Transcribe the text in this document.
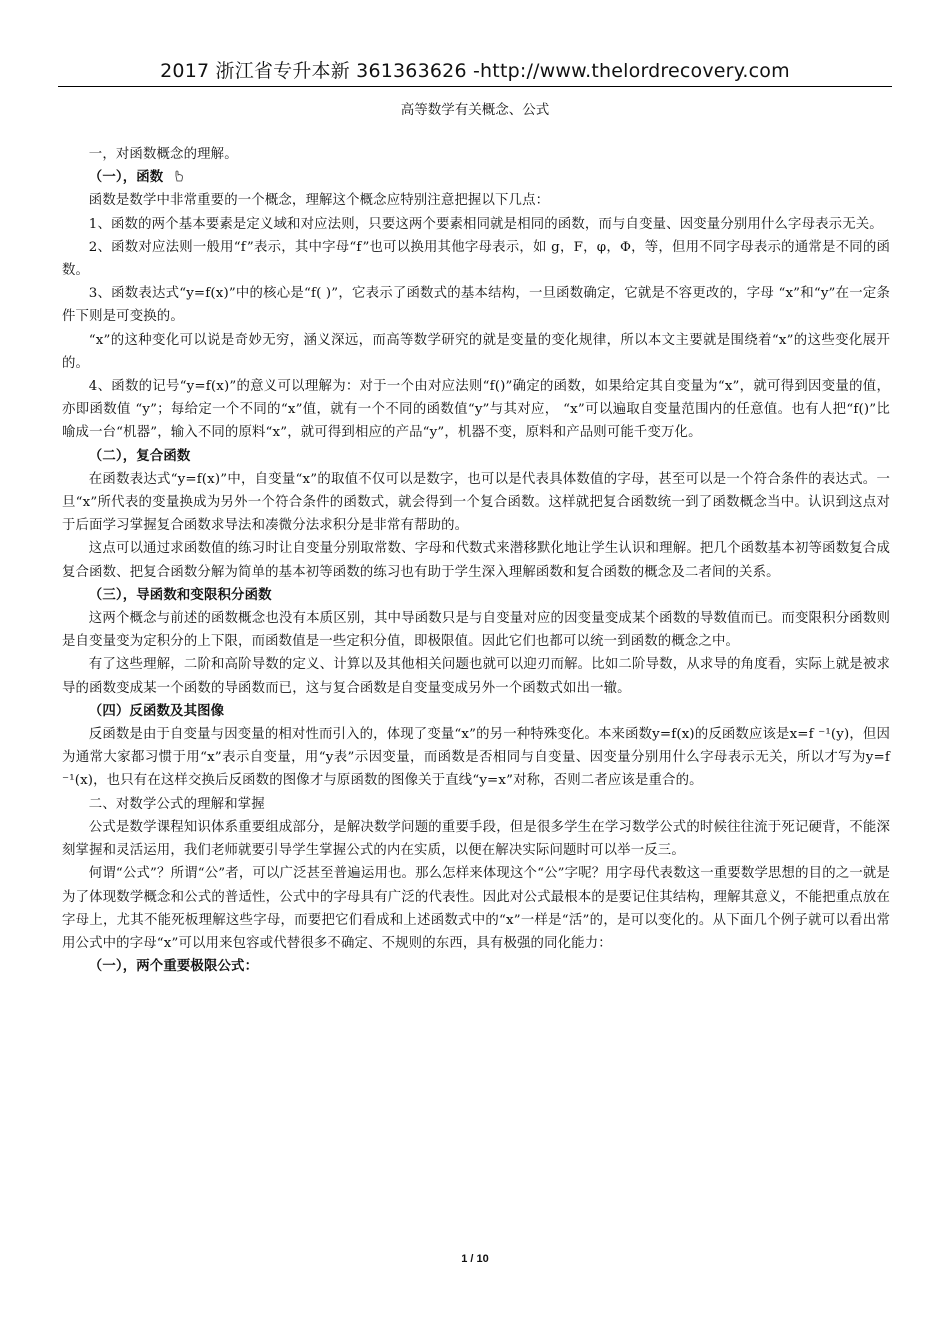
2017 浙江省专升本新 361363626 -http://www.thelordrecovery.com
高等数学有关概念、公式

一，对函数概念的理解。

（一），函数

函数是数学中非常重要的一个概念，理解这个概念应特别注意把握以下几点：

1、函数的两个基本要素是定义域和对应法则，只要这两个要素相同就是相同的函数，而与自变量、因变量分别用什么字母表示无关。

2、函数对应法则一般用“f”表示，其中字母“f”也可以换用其他字母表示，如 g，F，φ，Φ，等，但用不同字母表示的通常是不同的函数。

3、函数表达式“y=f(x)”中的核心是“f( )”，它表示了函数式的基本结构，一旦函数确定，它就是不容更改的，字母 “x”和“y”在一定条件下则是可变换的。

“x”的这种变化可以说是奇妙无穷，涵义深远，而高等数学研究的就是变量的变化规律，所以本文主要就是围绕着“x”的这些变化展开的。

4、函数的记号“y=f(x)”的意义可以理解为：对于一个由对应法则“f()”确定的函数，如果给定其自变量为“x”，就可得到因变量的值，亦即函数值 “y”；每给定一个不同的“x”值，就有一个不同的函数值“y”与其对应， “x”可以遍取自变量范围内的任意值。也有人把“f()”比喻成一台“机器”，输入不同的原料“x”，就可得到相应的产品“y”，机器不变，原料和产品则可能千变万化。

（二），复合函数

在函数表达式“y=f(x)”中，自变量“x”的取值不仅可以是数字，也可以是代表具体数值的字母，甚至可以是一个符合条件的表达式。一旦“x”所代表的变量换成为另外一个符合条件的函数式，就会得到一个复合函数。这样就把复合函数统一到了函数概念当中。认识到这点对于后面学习掌握复合函数求导法和凑微分法求积分是非常有帮助的。

这点可以通过求函数值的练习时让自变量分别取常数、字母和代数式来潜移默化地让学生认识和理解。把几个函数基本初等函数复合成复合函数、把复合函数分解为简单的基本初等函数的练习也有助于学生深入理解函数和复合函数的概念及二者间的关系。

（三），导函数和变限积分函数

这两个概念与前述的函数概念也没有本质区别，其中导函数只是与自变量对应的因变量变成某个函数的导数值而已。而变限积分函数则是自变量变为定积分的上下限，而函数值是一些定积分值，即极限值。因此它们也都可以统一到函数的概念之中。

有了这些理解，二阶和高阶导数的定义、计算以及其他相关问题也就可以迎刃而解。比如二阶导数，从求导的角度看，实际上就是被求导的函数变成某一个函数的导函数而已，这与复合函数是自变量变成另外一个函数式如出一辙。

（四）反函数及其图像

反函数是由于自变量与因变量的相对性而引入的，体现了变量“x”的另一种特殊变化。本来函数y=f(x)的反函数应该是x=f ⁻¹(y)，但因为通常大家都习惯于用“x”表示自变量，用“y表”示因变量，而函数是否相同与自变量、因变量分别用什么字母表示无关，所以才写为y=f ⁻¹(x)，也只有在这样交换后反函数的图像才与原函数的图像关于直线“y=x”对称，否则二者应该是重合的。

二、对数学公式的理解和掌握

公式是数学课程知识体系重要组成部分，是解决数学问题的重要手段，但是很多学生在学习数学公式的时候往往流于死记硬背，不能深刻掌握和灵活运用，我们老师就要引导学生掌握公式的内在实质，以便在解决实际问题时可以举一反三。

何谓“公式”？所谓“公”者，可以广泛甚至普遍运用也。那么怎样来体现这个“公”字呢？用字母代表数这一重要数学思想的目的之一就是为了体现数学概念和公式的普适性，公式中的字母具有广泛的代表性。因此对公式最根本的是要记住其结构，理解其意义，不能把重点放在字母上，尤其不能死板理解这些字母，而要把它们看成和上述函数式中的“x”一样是“活”的，是可以变化的。从下面几个例子就可以看出常用公式中的字母“x”可以用来包容或代替很多不确定、不规则的东西，具有极强的同化能力：

（一），两个重要极限公式：

1 / 10
